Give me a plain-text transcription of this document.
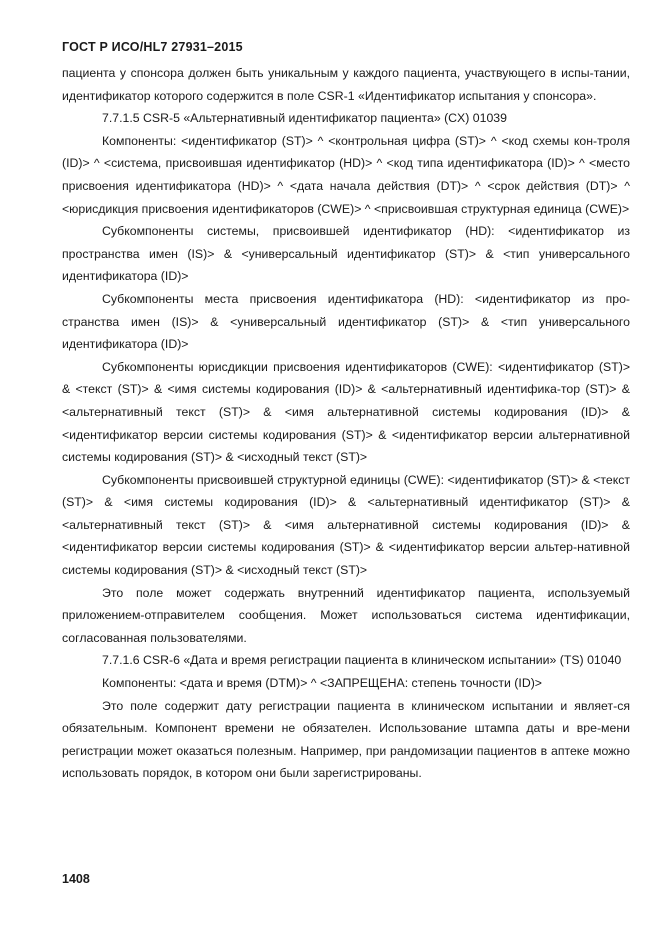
ГОСТ Р ИСО/HL7 27931–2015

пациента у спонсора должен быть уникальным у каждого пациента, участвующего в испы-тании, идентификатор которого содержится в поле CSR-1 «Идентификатор испытания у спонсора».

7.7.1.5 CSR-5 «Альтернативный идентификатор пациента» (CX) 01039

Компоненты: <идентификатор (ST)> ^ <контрольная цифра (ST)> ^ <код схемы кон-троля (ID)> ^ <система, присвоившая идентификатор (HD)> ^ <код типа идентификатора (ID)> ^ <место присвоения идентификатора (HD)> ^ <дата начала действия (DT)> ^ <срок действия (DT)> ^ <юрисдикция присвоения идентификаторов (CWE)> ^ <присвоившая структурная единица (CWE)>

Субкомпоненты системы, присвоившей идентификатор (HD): <идентификатор из пространства имен (IS)> & <универсальный идентификатор (ST)> & <тип универсального идентификатора (ID)>

Субкомпоненты места присвоения идентификатора (HD): <идентификатор из про-странства имен (IS)> & <универсальный идентификатор (ST)> & <тип универсального идентификатора (ID)>

Субкомпоненты юрисдикции присвоения идентификаторов (CWE): <идентификатор (ST)> & <текст (ST)> & <имя системы кодирования (ID)> & <альтернативный идентифика-тор (ST)> & <альтернативный текст (ST)> & <имя альтернативной системы кодирования (ID)> & <идентификатор версии системы кодирования (ST)> & <идентификатор версии альтернативной системы кодирования (ST)> & <исходный текст (ST)>

Субкомпоненты присвоившей структурной единицы (CWE): <идентификатор (ST)> & <текст (ST)> & <имя системы кодирования (ID)> & <альтернативный идентификатор (ST)> & <альтернативный текст (ST)> & <имя альтернативной системы кодирования (ID)> & <идентификатор версии системы кодирования (ST)> & <идентификатор версии альтер-нативной системы кодирования (ST)> & <исходный текст (ST)>

Это поле может содержать внутренний идентификатор пациента, используемый приложением-отправителем сообщения. Может использоваться система идентификации, согласованная пользователями.

7.7.1.6 CSR-6 «Дата и время регистрации пациента в клиническом испытании» (TS) 01040

Компоненты: <дата и время (DTM)> ^ <ЗАПРЕЩЕНА: степень точности (ID)>

Это поле содержит дату регистрации пациента в клиническом испытании и являет-ся обязательным. Компонент времени не обязателен. Использование штампа даты и вре-мени регистрации может оказаться полезным. Например, при рандомизации пациентов в аптеке можно использовать порядок, в котором они были зарегистрированы.

1408
